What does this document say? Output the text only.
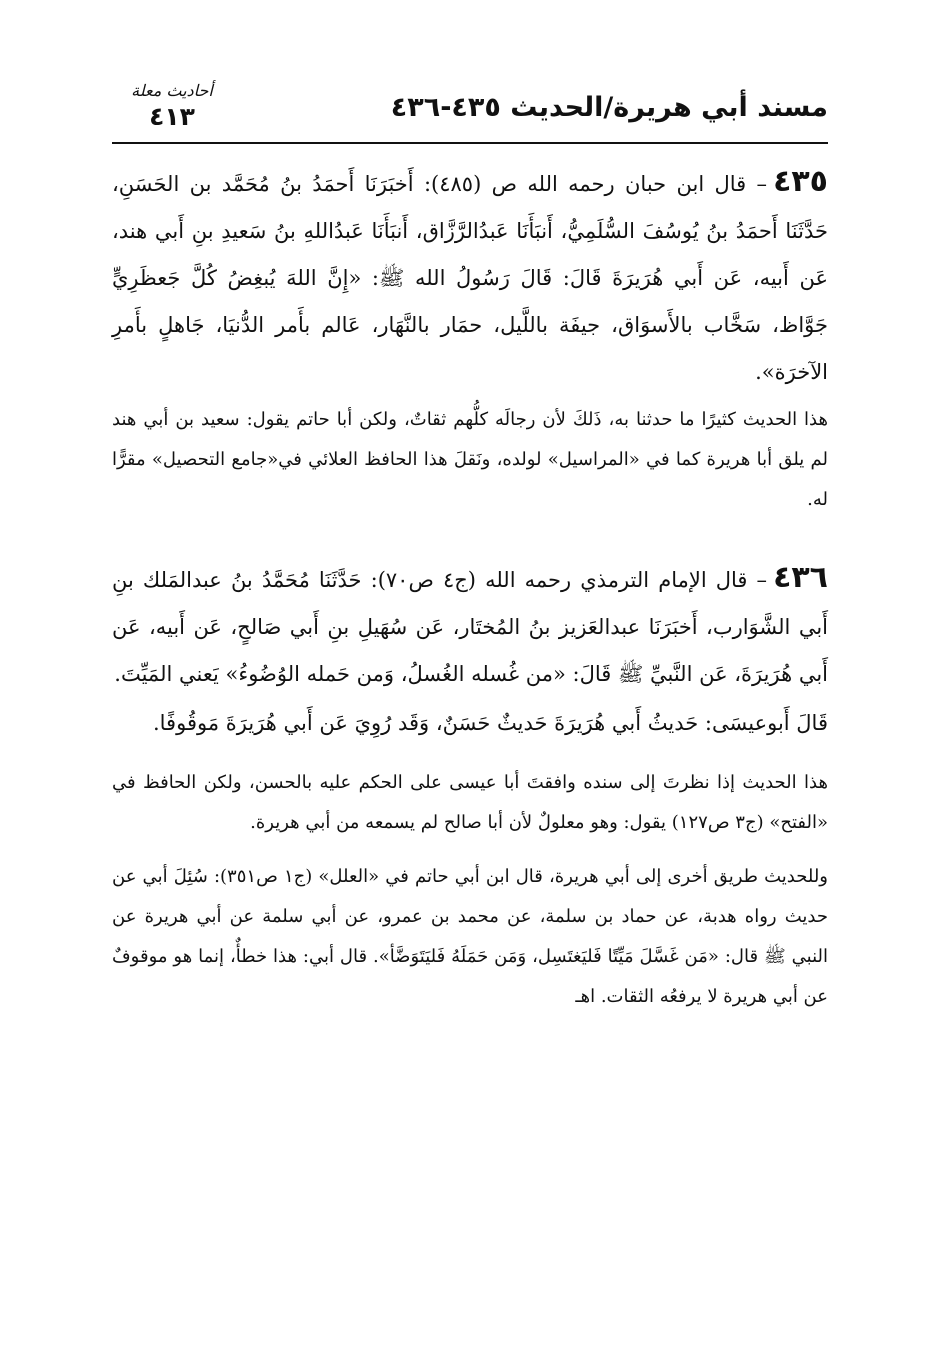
مسند أبي هريرة/الحديث ٤٣٥-٤٣٦
أحاديث معلة
٤١٣

٤٣٥– قال ابن حبان رحمه الله ص (٤٨٥): أَخبَرَنَا أَحمَدُ بنُ مُحَمَّد بن الحَسَنِ، حَدَّثَنَا أَحمَدُ بنُ يُوسُفَ السُّلَمِيُّ، أَنبَأَنَا عَبدُالرَّزَّاق، أَنبَأَنَا عَبدُاللهِ بنُ سَعيدِ بنِ أَبي هند، عَن أَبيه، عَن أَبي هُرَيرَةَ قَالَ: قَالَ رَسُولُ الله ﷺ: «إِنَّ اللهَ يُبغِضُ كُلَّ جَعظَرِيٍّ جَوَّاظ، سَخَّاب بالأَسوَاق، جيفَة باللَّيل، حمَار بالنَّهَار، عَالم بأَمر الدُّنيَا، جَاهلٍ بأَمرِ الآخرَة».

هذا الحديث كثيرًا ما حدثنا به، ذَلكَ لأن رجالَه كلُّهم ثقاتٌ، ولكن أبا حاتم يقول: سعيد بن أبي هند لم يلق أبا هريرة كما في «المراسيل» لولده، ونَقلَ هذا الحافظ العلائي في«جامع التحصيل» مقرًّا له.

٤٣٦– قال الإمام الترمذي رحمه الله (ج٤ ص٧٠): حَدَّثَنَا مُحَمَّدُ بنُ عبدالمَلك بنِ أَبي الشَّوَارب، أَخبَرَنَا عبدالعَزيز بنُ المُختَار، عَن سُهَيلِ بنِ أَبي صَالحٍ، عَن أَبيه، عَن أَبي هُرَيرَةَ، عَن النَّبيِّ ﷺ قَالَ: «من غُسله الغُسلُ، وَمن حَمله الوُضُوءُ» يَعني المَيِّتَ.

قَالَ أَبوعيسَى: حَديثُ أَبي هُرَيرَةَ حَديثٌ حَسَنٌ، وَقَد رُوِيَ عَن أَبي هُرَيرَةَ مَوقُوفًا.

هذا الحديث إذا نظرتَ إلى سنده وافقتَ أبا عيسى على الحكم عليه بالحسن، ولكن الحافظ في «الفتح» (ج٣ ص١٢٧) يقول: وهو معلولٌ لأن أبا صالح لم يسمعه من أبي هريرة.

وللحديث طريق أخرى إلى أبي هريرة، قال ابن أبي حاتم في «العلل» (ج١ ص٣٥١): سُئِلَ أبي عن حديث رواه هدبة، عن حماد بن سلمة، عن محمد بن عمرو، عن أبي سلمة عن أبي هريرة عن النبي ﷺ قال: «مَن غَسَّلَ مَيِّتًا فَليَغتَسِل، وَمَن حَمَلَهُ فَليَتَوَضَّأ». قال أبي: هذا خطأٌ، إنما هو موقوفٌ عن أبي هريرة لا يرفعُه الثقات. اهـ
